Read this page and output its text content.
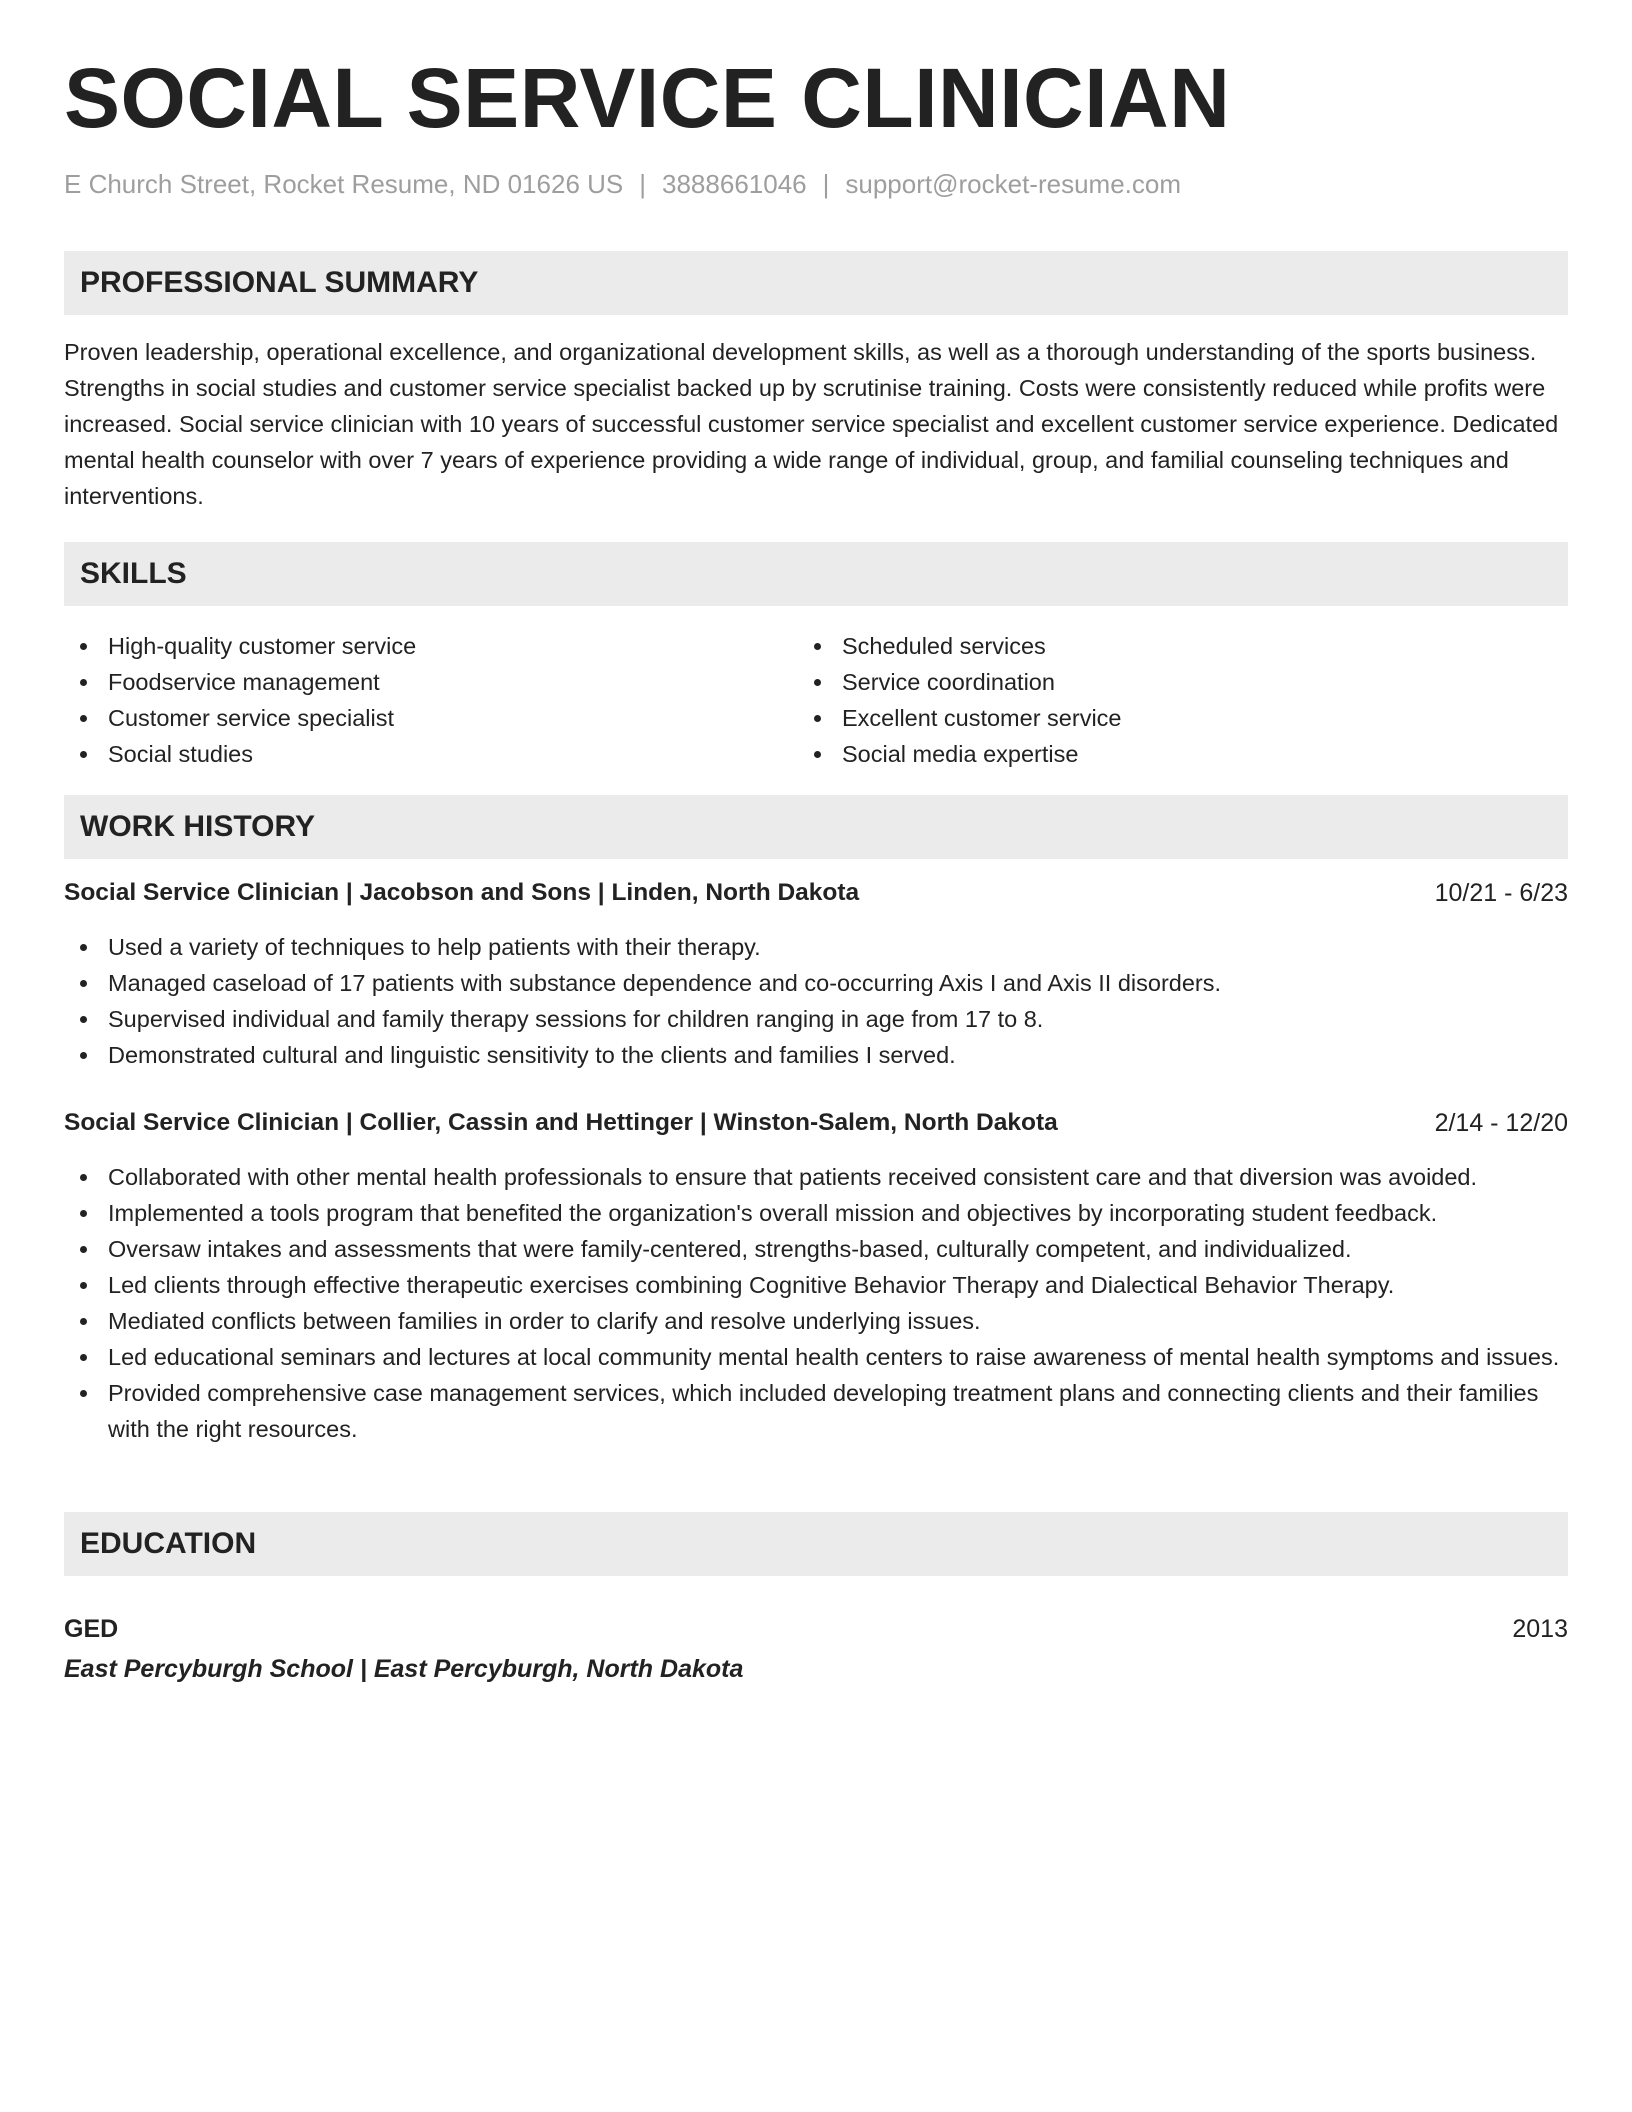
SOCIAL SERVICE CLINICIAN
E Church Street, Rocket Resume, ND 01626 US | 3888661046 | support@rocket-resume.com
PROFESSIONAL SUMMARY

Proven leadership, operational excellence, and organizational development skills, as well as a thorough understanding of the sports business. Strengths in social studies and customer service specialist backed up by scrutinise training. Costs were consistently reduced while profits were increased. Social service clinician with 10 years of successful customer service specialist and excellent customer service experience. Dedicated mental health counselor with over 7 years of experience providing a wide range of individual, group, and familial counseling techniques and interventions.

SKILLS
High-quality customer service
Foodservice management
Customer service specialist
Social studies
Scheduled services
Service coordination
Excellent customer service
Social media expertise
WORK HISTORY
Social Service Clinician | Jacobson and Sons | Linden, North Dakota	10/21 - 6/23
Used a variety of techniques to help patients with their therapy.
Managed caseload of 17 patients with substance dependence and co-occurring Axis I and Axis II disorders.
Supervised individual and family therapy sessions for children ranging in age from 17 to 8.
Demonstrated cultural and linguistic sensitivity to the clients and families I served.
Social Service Clinician | Collier, Cassin and Hettinger | Winston-Salem, North Dakota	2/14 - 12/20
Collaborated with other mental health professionals to ensure that patients received consistent care and that diversion was avoided.
Implemented a tools program that benefited the organization's overall mission and objectives by incorporating student feedback.
Oversaw intakes and assessments that were family-centered, strengths-based, culturally competent, and individualized.
Led clients through effective therapeutic exercises combining Cognitive Behavior Therapy and Dialectical Behavior Therapy.
Mediated conflicts between families in order to clarify and resolve underlying issues.
Led educational seminars and lectures at local community mental health centers to raise awareness of mental health symptoms and issues.
Provided comprehensive case management services, which included developing treatment plans and connecting clients and their families with the right resources.
EDUCATION
GED	2013
East Percyburgh School | East Percyburgh, North Dakota
